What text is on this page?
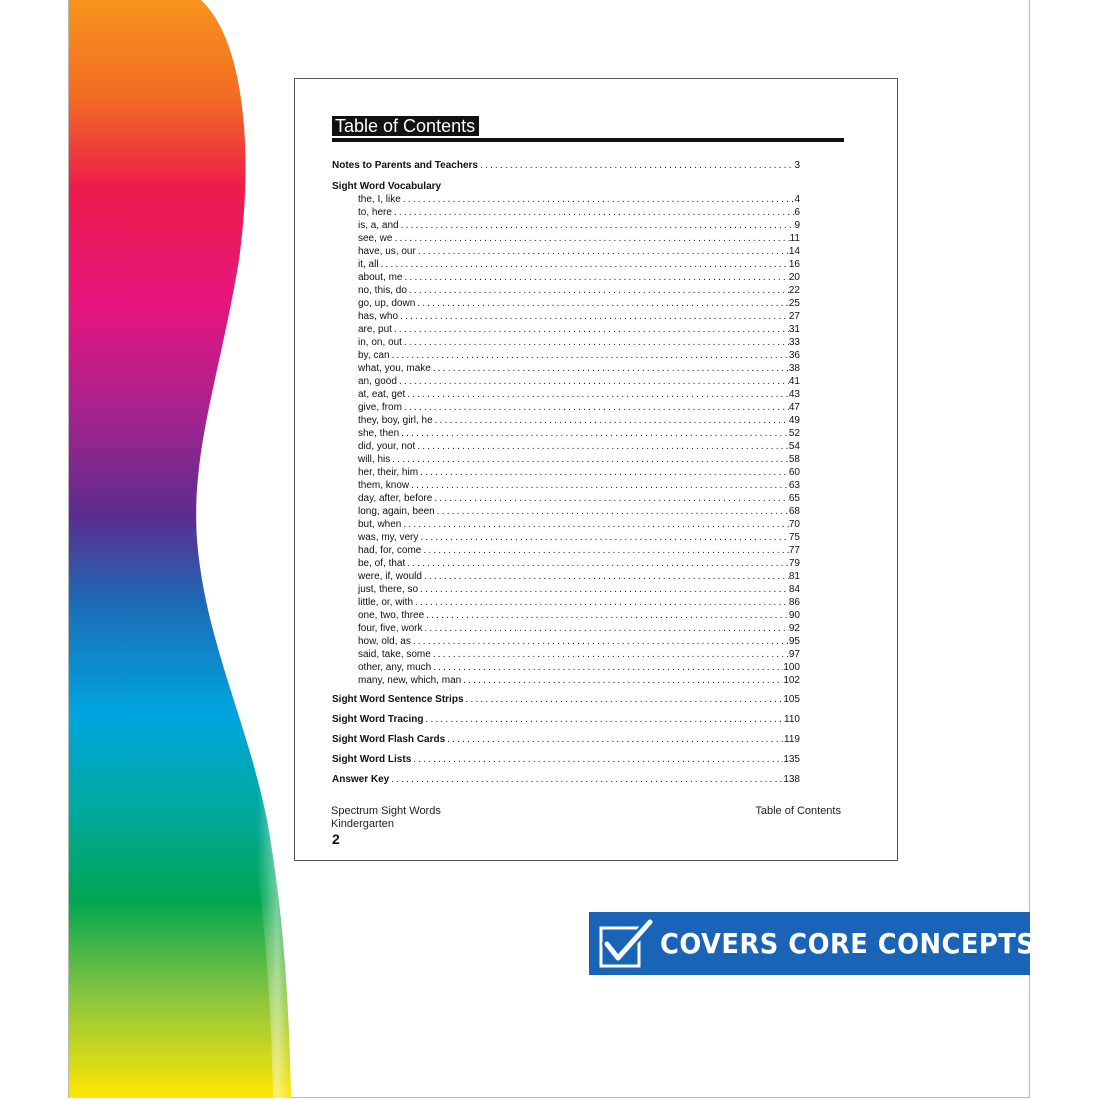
Table of Contents
Notes to Parents and Teachers .....	3
Sight Word Vocabulary
the, I, like .....	4
to, here .....	6
is, a, and .....	9
see, we .....	11
have, us, our .....	14
it, all .....	16
about, me .....	20
no, this, do .....	22
go, up, down .....	25
has, who .....	27
are, put .....	31
in, on, out .....	33
by, can .....	36
what, you, make .....	38
an, good .....	41
at, eat, get .....	43
give, from .....	47
they, boy, girl, he .....	49
she, then .....	52
did, your, not .....	54
will, his .....	58
her, their, him .....	60
them, know .....	63
day, after, before .....	65
long, again, been .....	68
but, when .....	70
was, my, very .....	75
had, for, come .....	77
be, of, that .....	79
were, if, would .....	81
just, there, so .....	84
little, or, with .....	86
one, two, three .....	90
four, five, work .....	92
how, old, as .....	95
said, take, some .....	97
other, any, much .....	100
many, new, which, man .....	102
Sight Word Sentence Strips .....	105
Sight Word Tracing .....	110
Sight Word Flash Cards .....	119
Sight Word Lists .....	135
Answer Key .....	138
Spectrum Sight Words
Kindergarten
2
Table of Contents
COVERS CORE CONCEPTS
